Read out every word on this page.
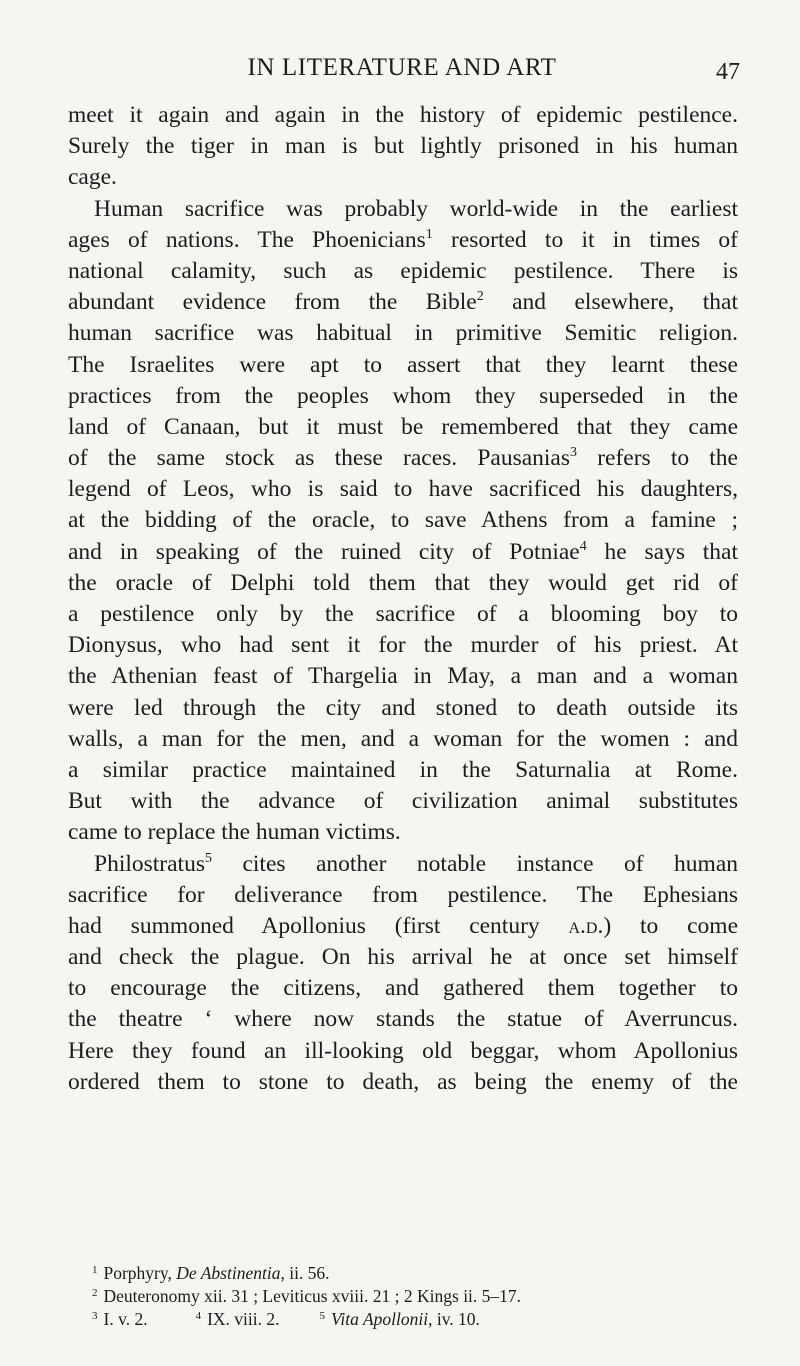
IN LITERATURE AND ART	47
meet it again and again in the history of epidemic pestilence.
Surely the tiger in man is but lightly prisoned in his human
cage.
Human sacrifice was probably world-wide in the earliest
ages of nations. The Phoenicians$^1$ resorted to it in times of
national calamity, such as epidemic pestilence. There is
abundant evidence from the Bible$^2$ and elsewhere, that
human sacrifice was habitual in primitive Semitic religion.
The Israelites were apt to assert that they learnt these
practices from the peoples whom they superseded in the
land of Canaan, but it must be remembered that they came
of the same stock as these races. Pausanias$^3$ refers to the
legend of Leos, who is said to have sacrificed his daughters,
at the bidding of the oracle, to save Athens from a famine ;
and in speaking of the ruined city of Potniae$^4$ he says that
the oracle of Delphi told them that they would get rid of
a pestilence only by the sacrifice of a blooming boy to
Dionysus, who had sent it for the murder of his priest. At
the Athenian feast of Thargelia in May, a man and a woman
were led through the city and stoned to death outside its
walls, a man for the men, and a woman for the women : and
a similar practice maintained in the Saturnalia at Rome.
But with the advance of civilization animal substitutes
came to replace the human victims.
Philostratus$^5$ cites another notable instance of human
sacrifice for deliverance from pestilence. The Ephesians
had summoned Apollonius (first century a.d.) to come
and check the plague. On his arrival he at once set himself
to encourage the citizens, and gathered them together to
the theatre ‘ where now stands the statue of Averruncus.
Here they found an ill-looking old beggar, whom Apollonius
ordered them to stone to death, as being the enemy of the
$^1$ Porphyry, De Abstinentia, ii. 56.
$^2$ Deuteronomy xii. 31 ; Leviticus xviii. 21 ; 2 Kings ii. 5–17.
$^3$ I. v. 2.	$^4$ IX. viii. 2.	$^5$ Vita Apollonii, iv. 10.
